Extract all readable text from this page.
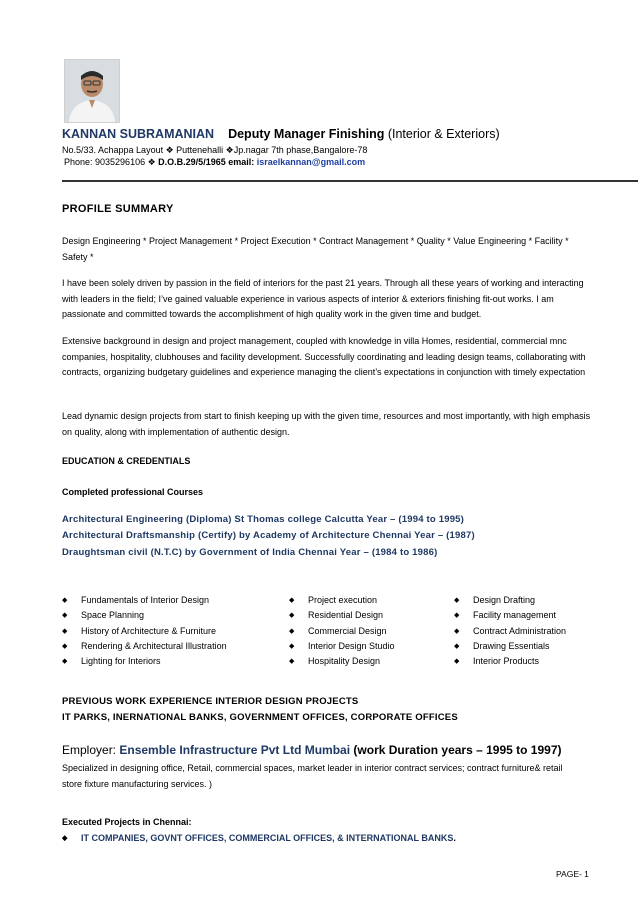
KANNAN SUBRAMANIAN Deputy Manager Finishing (Interior & Exteriors)
No.5/33. Achappa Layout ❖ Puttenehalli ❖Jp.nagar 7th phase,Bangalore-78
Phone: 9035296106 ❖ D.O.B.29/5/1965 email: israelkannan@gmail.com
PROFILE SUMMARY
Design Engineering * Project Management * Project Execution * Contract Management * Quality * Value Engineering * Facility * Safety *
I have been solely driven by passion in the field of interiors for the past 21 years. Through all these years of working and interacting with leaders in the field; I’ve gained valuable experience in various aspects of interior & exteriors finishing fit-out works. I am passionate and committed towards the accomplishment of high quality work in the given time and budget.
Extensive background in design and project management, coupled with knowledge in villa Homes, residential, commercial mnc companies, hospitality, clubhouses and facility development. Successfully coordinating and leading design teams, collaborating with contracts, organizing budgetary guidelines and experience managing the client’s expectations in conjunction with timely expectation
Lead dynamic design projects from start to finish keeping up with the given time, resources and most importantly, with high emphasis on quality, along with implementation of authentic design.
EDUCATION & CREDENTIALS
Completed professional Courses
Architectural Engineering (Diploma) St Thomas college Calcutta Year – (1994 to 1995)
Architectural Draftsmanship (Certify) by Academy of Architecture Chennai Year – (1987)
Draughtsman civil (N.T.C) by Government of India Chennai Year – (1984 to 1986)
◆	Fundamentals of Interior Design
◆	Space Planning
◆	History of Architecture & Furniture
◆	Rendering & Architectural Illustration
◆	Lighting for Interiors
◆	Project execution
◆	Residential Design
◆	Commercial Design
◆	Interior Design Studio
◆	Hospitality Design
◆	Design Drafting
◆	Facility management
◆	Contract Administration
◆	Drawing Essentials
◆	Interior Products
PREVIOUS WORK EXPERIENCE INTERIOR DESIGN PROJECTS
IT PARKS, INERNATIONAL BANKS, GOVERNMENT OFFICES, CORPORATE OFFICES
Employer: Ensemble Infrastructure Pvt Ltd Mumbai (work Duration years – 1995 to 1997)
Specialized in designing office, Retail, commercial spaces, market leader in interior contract services; contract furniture& retail store fixture manufacturing services. )
Executed Projects in Chennai:
◆	IT COMPANIES, GOVNT OFFICES, COMMERCIAL OFFICES, & INTERNATIONAL BANKS .
PAGE- 1
